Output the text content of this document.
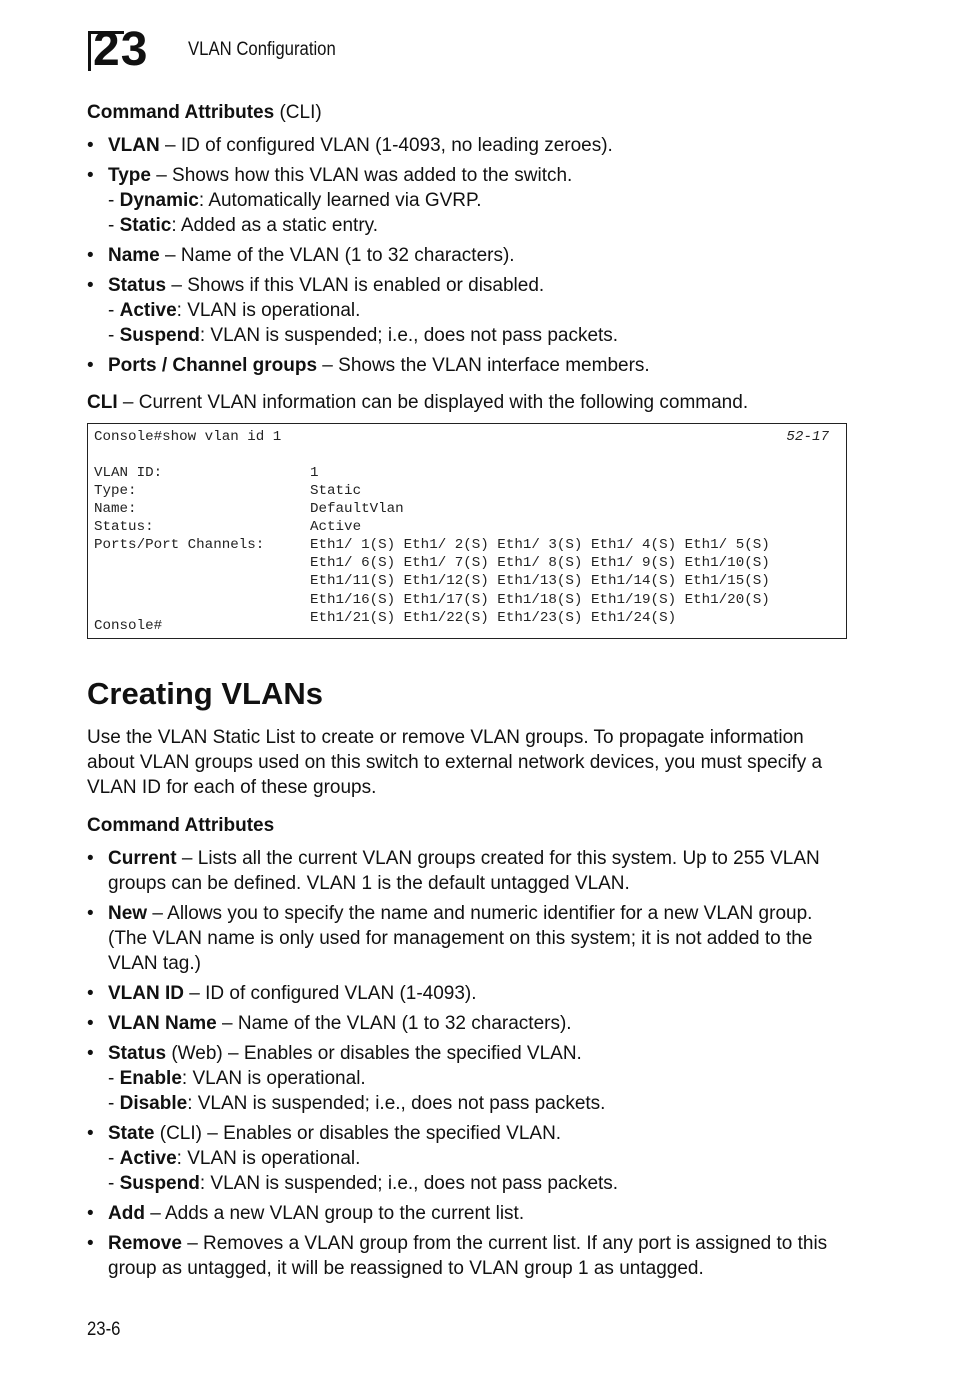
23 VLAN Configuration

Command Attributes (CLI)

• VLAN – ID of configured VLAN (1-4093, no leading zeroes).
• Type – Shows how this VLAN was added to the switch.
- Dynamic: Automatically learned via GVRP.
- Static: Added as a static entry.
• Name – Name of the VLAN (1 to 32 characters).
• Status – Shows if this VLAN is enabled or disabled.
- Active: VLAN is operational.
- Suspend: VLAN is suspended; i.e., does not pass packets.
• Ports / Channel groups – Shows the VLAN interface members.

CLI – Current VLAN information can be displayed with the following command.

Console#show vlan id 1	52-17
VLAN ID:	1
Type:	Static
Name:	DefaultVlan
Status:	Active
Ports/Port Channels:	Eth1/ 1(S) Eth1/ 2(S) Eth1/ 3(S) Eth1/ 4(S) Eth1/ 5(S)
Eth1/ 6(S) Eth1/ 7(S) Eth1/ 8(S) Eth1/ 9(S) Eth1/10(S)
Eth1/11(S) Eth1/12(S) Eth1/13(S) Eth1/14(S) Eth1/15(S)
Eth1/16(S) Eth1/17(S) Eth1/18(S) Eth1/19(S) Eth1/20(S)
Eth1/21(S) Eth1/22(S) Eth1/23(S) Eth1/24(S)
Console#
Creating VLANs

Use the VLAN Static List to create or remove VLAN groups. To propagate information about VLAN groups used on this switch to external network devices, you must specify a VLAN ID for each of these groups.

Command Attributes

• Current – Lists all the current VLAN groups created for this system. Up to 255 VLAN groups can be defined. VLAN 1 is the default untagged VLAN.
• New – Allows you to specify the name and numeric identifier for a new VLAN group. (The VLAN name is only used for management on this system; it is not added to the VLAN tag.)
• VLAN ID – ID of configured VLAN (1-4093).
• VLAN Name – Name of the VLAN (1 to 32 characters).
• Status (Web) – Enables or disables the specified VLAN.
- Enable: VLAN is operational.
- Disable: VLAN is suspended; i.e., does not pass packets.
• State (CLI) – Enables or disables the specified VLAN.
- Active: VLAN is operational.
- Suspend: VLAN is suspended; i.e., does not pass packets.
• Add – Adds a new VLAN group to the current list.
• Remove – Removes a VLAN group from the current list. If any port is assigned to this group as untagged, it will be reassigned to VLAN group 1 as untagged.
23-6
